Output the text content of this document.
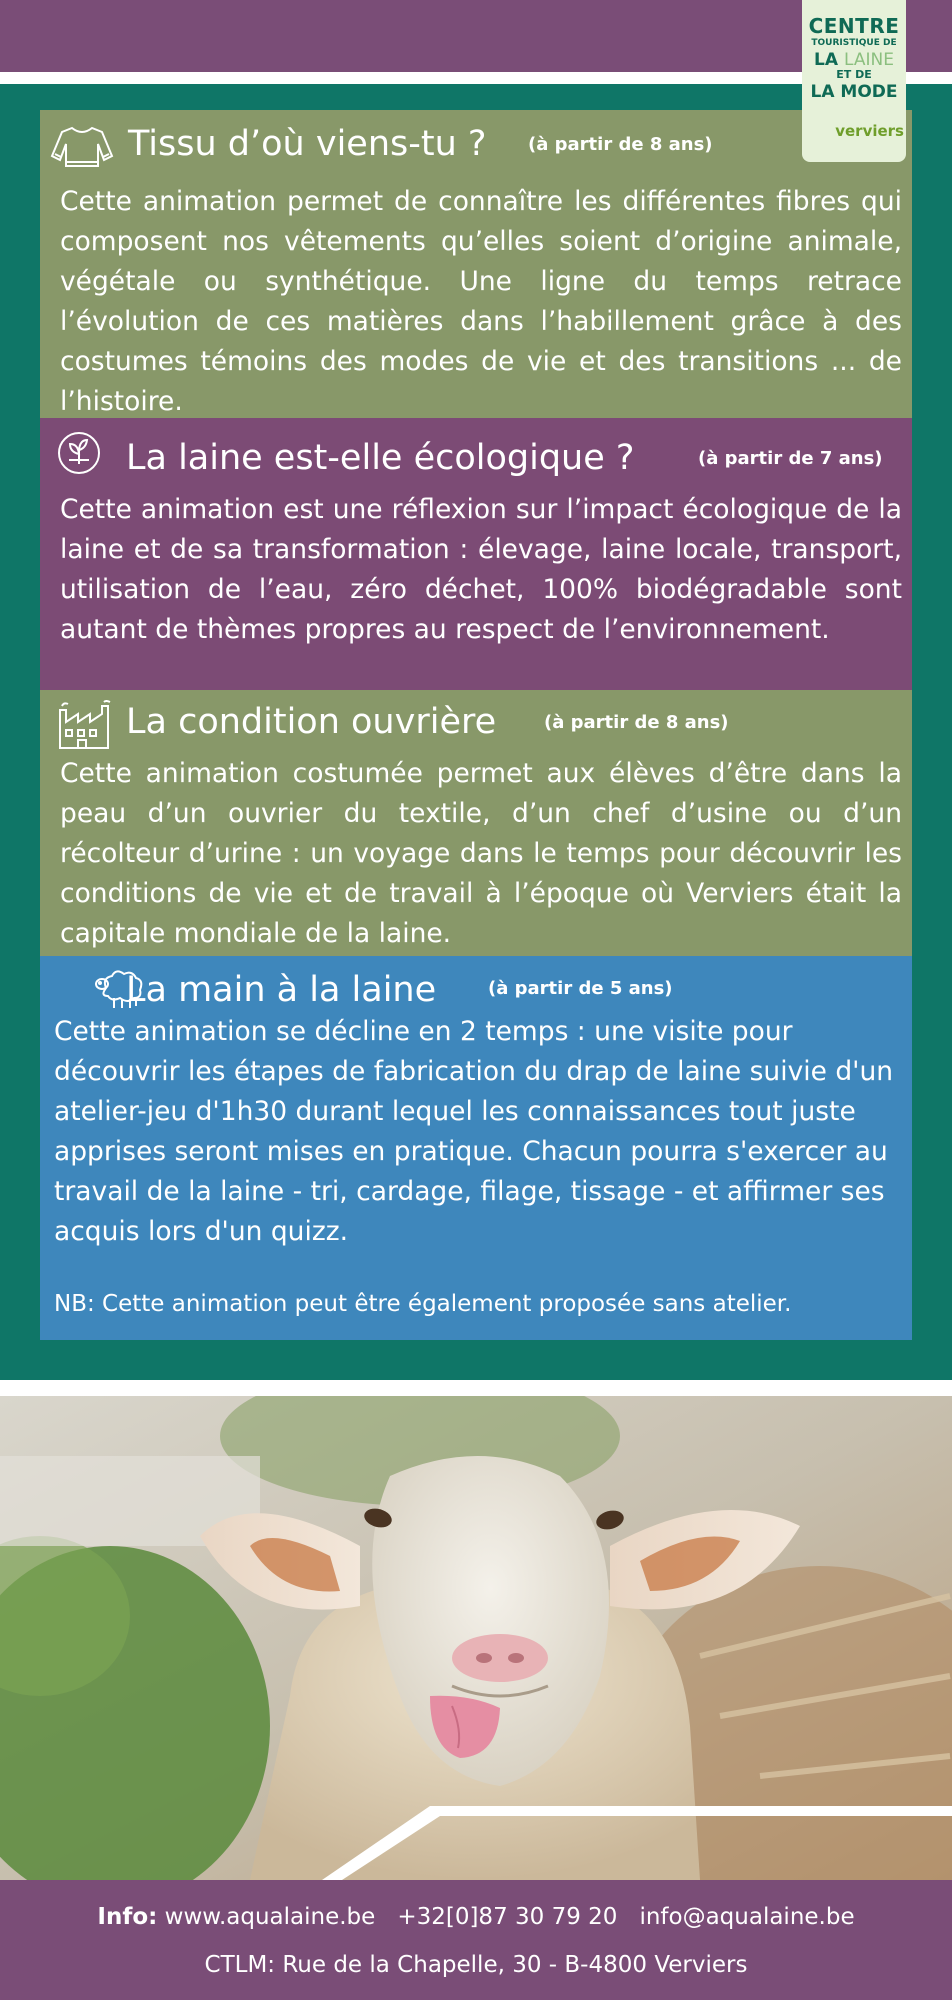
CENTRE
TOURISTIQUE DE
LA LAINE
ET DE
LA MODE
verviers
Tissu d’où viens-tu ? (à partir de 8 ans)

Cette animation permet de connaître les différentes fibres qui composent nos vêtements qu’elles soient d’origine animale, végétale ou synthétique. Une ligne du temps retrace l’évolution de ces matières dans l’habillement grâce à des costumes témoins des modes de vie et des transitions ... de l’histoire.

La laine est-elle écologique ?	(à partir de 7 ans)

Cette animation est une réflexion sur l’impact écologique de la laine et de sa transformation : élevage, laine locale, transport, utilisation de l’eau, zéro déchet, 100% biodégradable sont autant de thèmes propres au respect de l’environnement.

La condition ouvrière	(à partir de 8 ans)

Cette animation costumée permet aux élèves d’être dans la peau d’un ouvrier du textile, d’un chef d’usine ou d’un récolteur d’urine : un voyage dans le temps pour découvrir les conditions de vie et de travail à l’époque où Verviers était la capitale mondiale de la laine.

La main à la laine	(à partir de 5 ans)

Cette animation se décline en 2 temps : une visite pour découvrir les étapes de fabrication du drap de laine suivie d'un atelier-jeu d'1h30 durant lequel les connaissances tout juste apprises seront mises en pratique. Chacun pourra s'exercer au travail de la laine - tri, cardage, filage, tissage - et affirmer ses acquis lors d'un quizz.

NB: Cette animation peut être également proposée sans atelier.

Info: www.aqualaine.be +32[0]87 30 79 20 info@aqualaine.be
CTLM: Rue de la Chapelle, 30 - B-4800 Verviers
